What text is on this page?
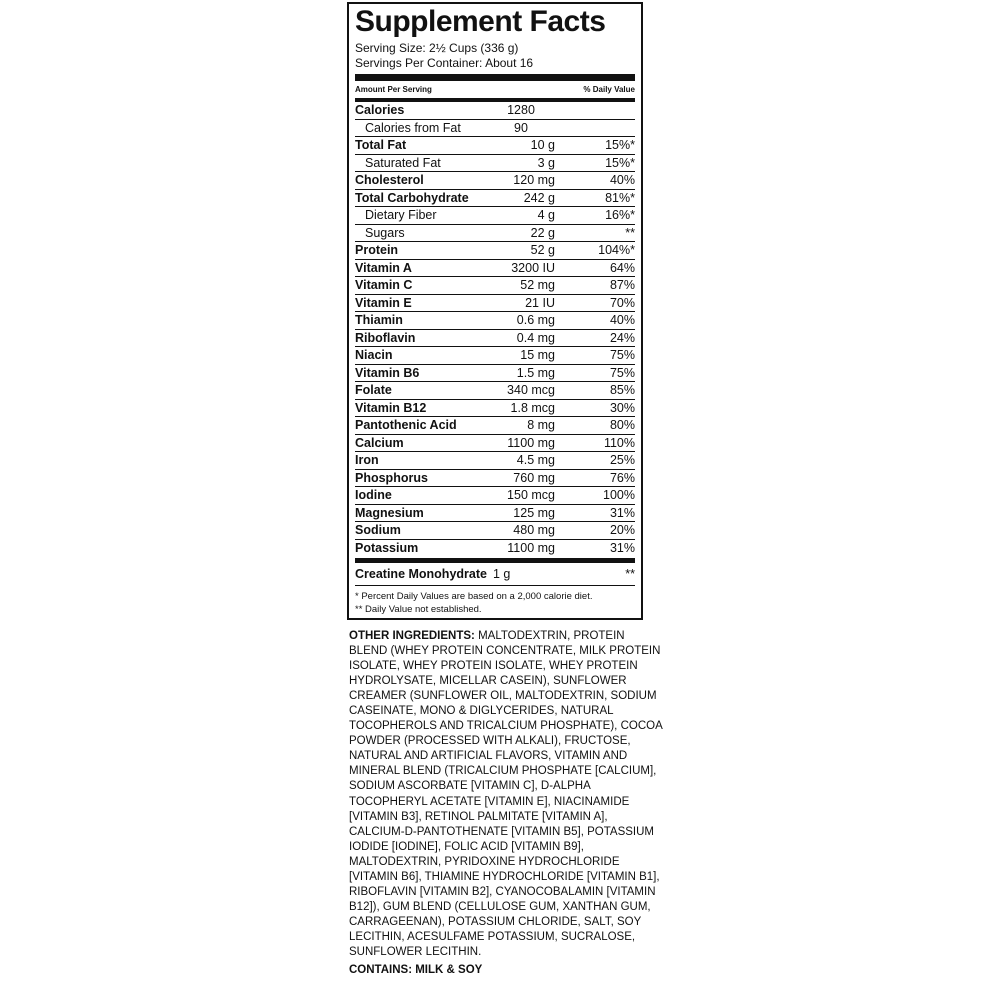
Supplement Facts
Serving Size: 2½ Cups (336 g)
Servings Per Container: About 16
Amount Per Serving	% Daily Value
Calories	1280
Calories from Fat	90
Total Fat	10 g	15%*
Saturated Fat	3 g	15%*
Cholesterol	120 mg	40%
Total Carbohydrate	242 g	81%*
Dietary Fiber	4 g	16%*
Sugars	22 g	**
Protein	52 g	104%*
Vitamin A	3200 IU	64%
Vitamin C	52 mg	87%
Vitamin E	21 IU	70%
Thiamin	0.6 mg	40%
Riboflavin	0.4 mg	24%
Niacin	15 mg	75%
Vitamin B6	1.5 mg	75%
Folate	340 mcg	85%
Vitamin B12	1.8 mcg	30%
Pantothenic Acid	8 mg	80%
Calcium	1100 mg	110%
Iron	4.5 mg	25%
Phosphorus	760 mg	76%
Iodine	150 mcg	100%
Magnesium	125 mg	31%
Sodium	480 mg	20%
Potassium	1100 mg	31%
Creatine Monohydrate 1 g	**
* Percent Daily Values are based on a 2,000 calorie diet.
** Daily Value not established.
OTHER INGREDIENTS: MALTODEXTRIN, PROTEIN
BLEND (WHEY PROTEIN CONCENTRATE, MILK PROTEIN
ISOLATE, WHEY PROTEIN ISOLATE, WHEY PROTEIN
HYDROLYSATE, MICELLAR CASEIN), SUNFLOWER
CREAMER (SUNFLOWER OIL, MALTODEXTRIN, SODIUM
CASEINATE, MONO & DIGLYCERIDES, NATURAL
TOCOPHEROLS AND TRICALCIUM PHOSPHATE), COCOA
POWDER (PROCESSED WITH ALKALI), FRUCTOSE,
NATURAL AND ARTIFICIAL FLAVORS, VITAMIN AND
MINERAL BLEND (TRICALCIUM PHOSPHATE [CALCIUM],
SODIUM ASCORBATE [VITAMIN C], D-ALPHA
TOCOPHERYL ACETATE [VITAMIN E], NIACINAMIDE
[VITAMIN B3], RETINOL PALMITATE [VITAMIN A],
CALCIUM-D-PANTOTHENATE [VITAMIN B5], POTASSIUM
IODIDE [IODINE], FOLIC ACID [VITAMIN B9],
MALTODEXTRIN, PYRIDOXINE HYDROCHLORIDE
[VITAMIN B6], THIAMINE HYDROCHLORIDE [VITAMIN B1],
RIBOFLAVIN [VITAMIN B2], CYANOCOBALAMIN [VITAMIN
B12]), GUM BLEND (CELLULOSE GUM, XANTHAN GUM,
CARRAGEENAN), POTASSIUM CHLORIDE, SALT, SOY
LECITHIN, ACESULFAME POTASSIUM, SUCRALOSE,
SUNFLOWER LECITHIN.
CONTAINS: MILK & SOY
